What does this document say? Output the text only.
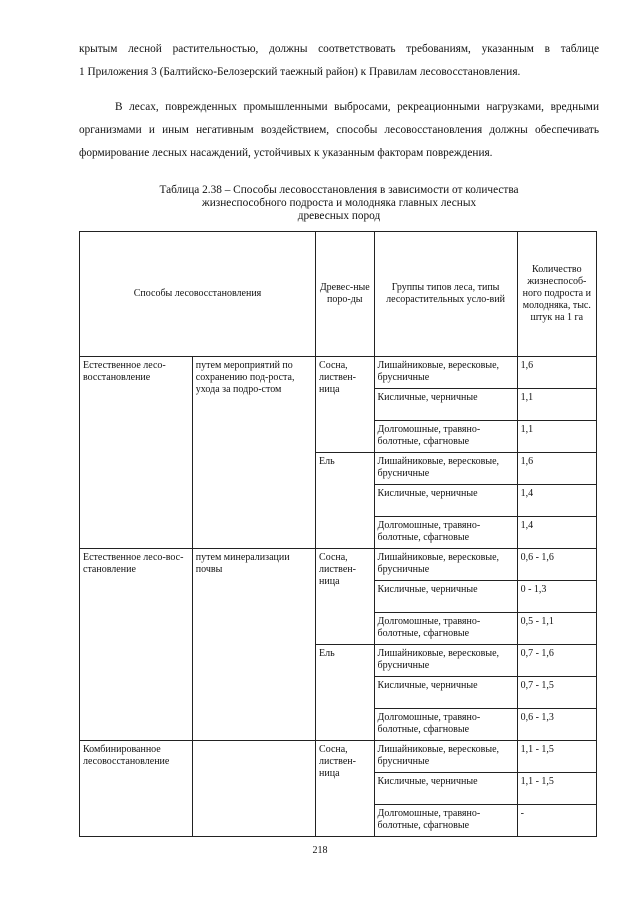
крытым лесной растительностью, должны соответствовать требованиям, указанным в таблице
1 Приложения 3 (Балтийско-Белозерский таежный район) к Правилам лесовосстановления.

В лесах, поврежденных промышленными выбросами, рекреационными нагрузками, вредными организмами и иным негативным воздействием, способы лесовосстановления должны обеспечивать формирование лесных насаждений, устойчивых к указанным факторам повреждения.

Таблица 2.38 – Способы лесовосстановления в зависимости от количества
жизнеспособного подроста и молодняка главных лесных
древесных пород
Способы лесовосстановления		Древес-ные поро-ды	Группы типов леса, типы лесорастительных усло-вий	Количество жизнеспособ-ного подроста и молодняка, тыс. штук на 1 га
Естественное лесо-восстановление	путем мероприятий по сохранению под-роста, ухода за подро-стом	Сосна, листвен-ница	Лишайниковые, вересковые, брусничные	1,6
			Кисличные, черничные	1,1
			Долгомошные, травяно-болотные, сфагновые	1,1
		Ель	Лишайниковые, вересковые, брусничные	1,6
			Кисличные, черничные	1,4
			Долгомошные, травяно-болотные, сфагновые	1,4
Естественное лесо-вос-становление	путем минерализации почвы	Сосна, листвен-ница	Лишайниковые, вересковые, брусничные	0,6 - 1,6
			Кисличные, черничные	0 - 1,3
			Долгомошные, травяно-болотные, сфагновые	0,5 - 1,1
		Ель	Лишайниковые, вересковые, брусничные	0,7 - 1,6
			Кисличные, черничные	0,7 - 1,5
			Долгомошные, травяно-болотные, сфагновые	0,6 - 1,3
Комбинированное лесовосстановление		Сосна, листвен-ница	Лишайниковые, вересковые, брусничные	1,1 - 1,5
			Кисличные, черничные	1,1 - 1,5
			Долгомошные, травяно-болотные, сфагновые	-
218
